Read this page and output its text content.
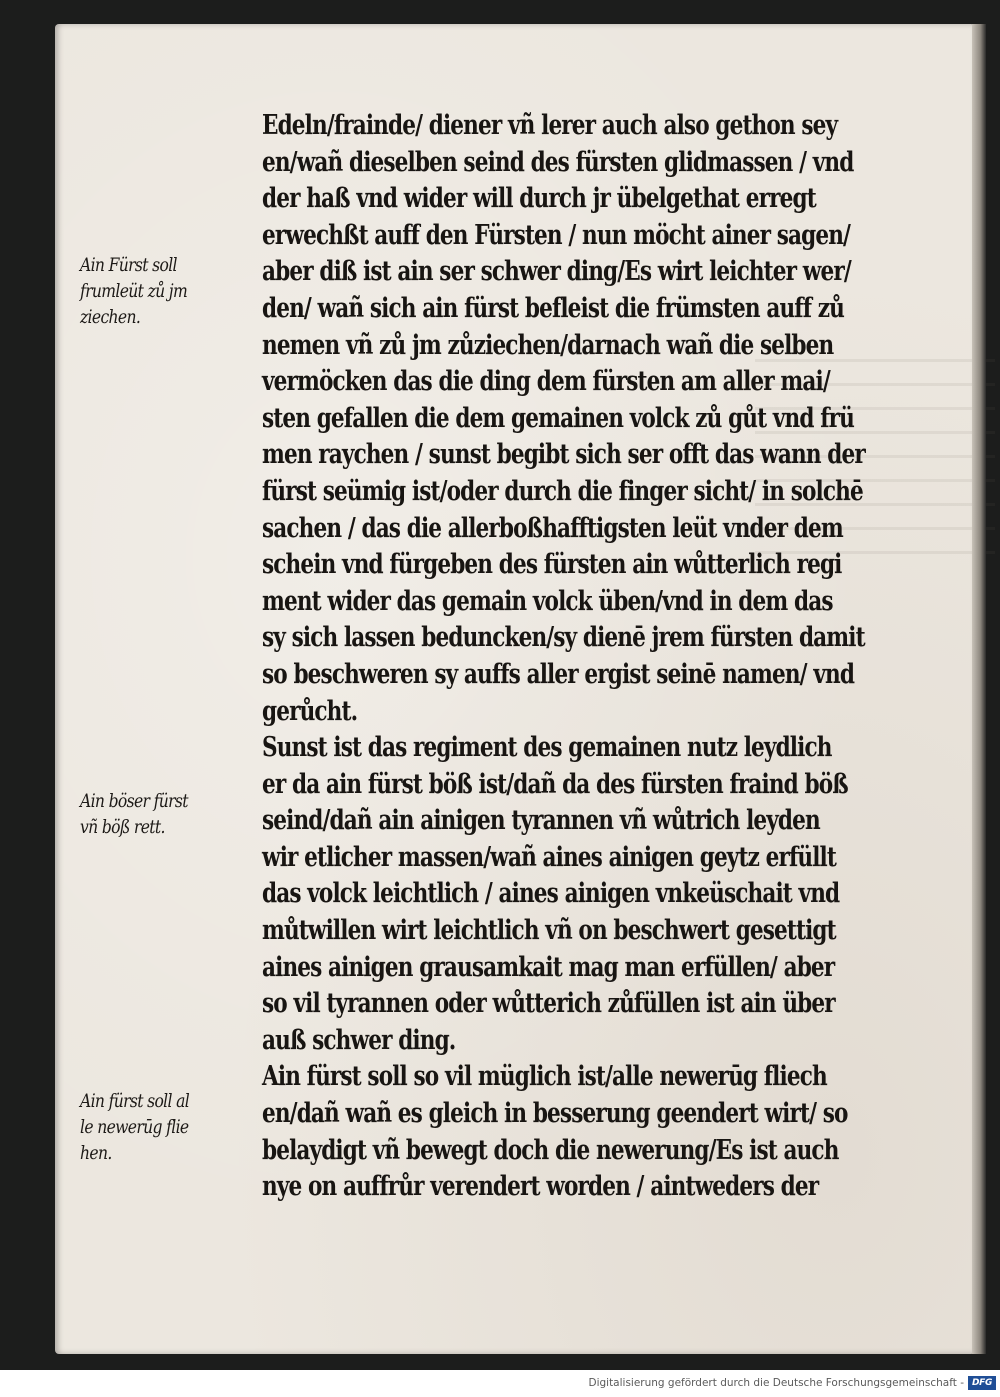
Edeln/frainde/ diener vñ lerer auch also gethon sey
en/wañ dieselben seind des fürsten glidmassen / vnd
der haß vnd wider will durch jr übelgethat erregt
erwechßt auff den Fürsten / nun möcht ainer sagen/
aber diß ist ain ser schwer ding/Es wirt leichter wer/
den/ wañ sich ain fürst befleist die frümsten auff zů
nemen vñ zů jm zůziechen/darnach wañ die selben
vermöcken das die ding dem fürsten am aller mai/
sten gefallen die dem gemainen volck zů gůt vnd frü
men raychen / sunst begibt sich ser offt das wann der
fürst seümig ist/oder durch die finger sicht/ in solchē
sachen / das die allerboßhafftigsten leüt vnder dem
schein vnd fürgeben des fürsten ain wůtterlich regi
ment wider das gemain volck üben/vnd in dem das
sy sich lassen beduncken/sy dienē jrem fürsten damit
so beschweren sy auffs aller ergist seinē namen/ vnd
gerůcht.
Sunst ist das regiment des gemainen nutz leydlich
er da ain fürst böß ist/dañ da des fürsten fraind böß
seind/dañ ain ainigen tyrannen vñ wůtrich leyden
wir etlicher massen/wañ aines ainigen geytz erfüllt
das volck leichtlich / aines ainigen vnkeüschait vnd
můtwillen wirt leichtlich vñ on beschwert gesettigt
aines ainigen grausamkait mag man erfüllen/ aber
so vil tyrannen oder wůtterich zůfüllen ist ain über
auß schwer ding.
Ain fürst soll so vil müglich ist/alle newerūg fliech
en/dañ wañ es gleich in besserung geendert wirt/ so
belaydigt vñ bewegt doch die newerung/Es ist auch
nye on auffrůr verendert worden / aintweders der
Ain Fürst soll
frumleüt zů jm
ziechen.
Ain böser fürst
vñ böß rett.
Ain fürst soll al
le newerūg flie
hen.
Digitalisierung gefördert durch die Deutsche Forschungsgemeinschaft - DFG
